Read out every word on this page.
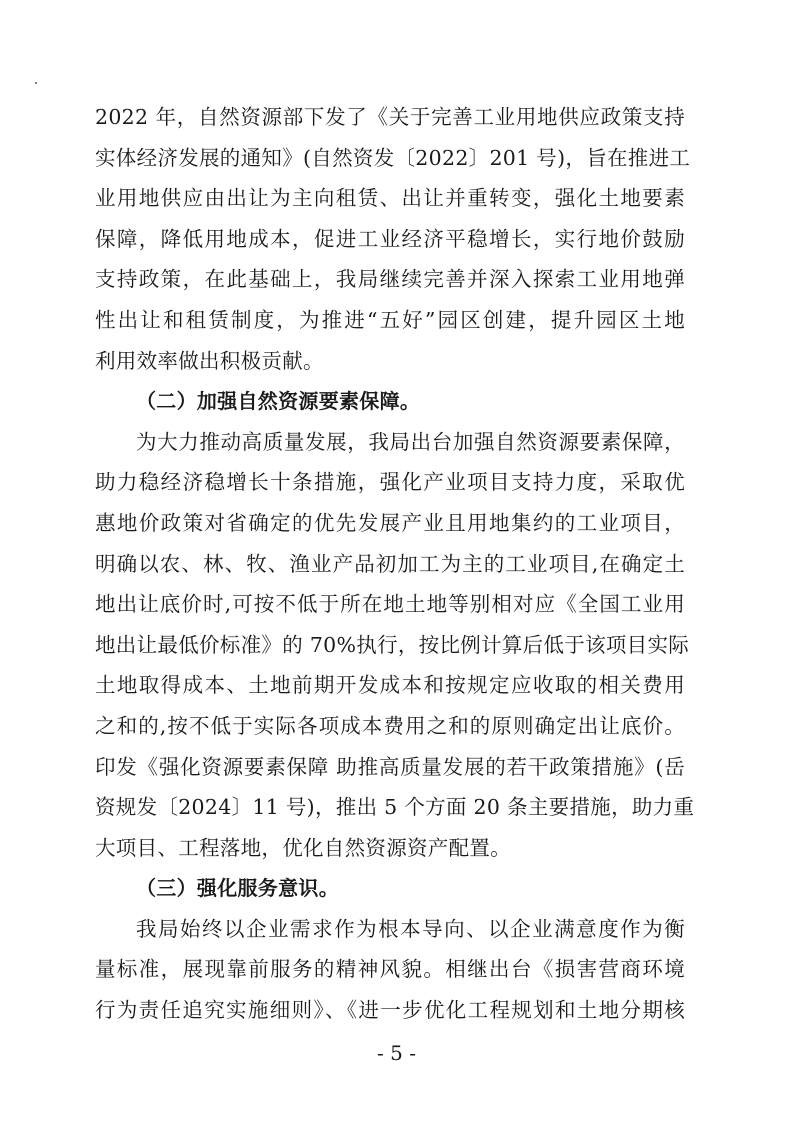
2022 年，自然资源部下发了《关于完善工业用地供应政策支持
实体经济发展的通知》(自然资发〔2022〕201 号)，旨在推进工
业用地供应由出让为主向租赁、出让并重转变，强化土地要素
保障，降低用地成本，促进工业经济平稳增长，实行地价鼓励
支持政策，在此基础上，我局继续完善并深入探索工业用地弹
性出让和租赁制度，为推进“五好”园区创建，提升园区土地
利用效率做出积极贡献。
（二）加强自然资源要素保障。
为大力推动高质量发展，我局出台加强自然资源要素保障，
助力稳经济稳增长十条措施，强化产业项目支持力度，采取优
惠地价政策对省确定的优先发展产业且用地集约的工业项目，
明确以农、林、牧、渔业产品初加工为主的工业项目,在确定土
地出让底价时,可按不低于所在地土地等别相对应《全国工业用
地出让最低价标准》的 70%执行，按比例计算后低于该项目实际
土地取得成本、土地前期开发成本和按规定应收取的相关费用
之和的,按不低于实际各项成本费用之和的原则确定出让底价。
印发《强化资源要素保障 助推高质量发展的若干政策措施》(岳
资规发〔2024〕11 号)，推出 5 个方面 20 条主要措施，助力重
大项目、工程落地，优化自然资源资产配置。
（三）强化服务意识。
我局始终以企业需求作为根本导向、以企业满意度作为衡
量标准，展现靠前服务的精神风貌。相继出台《损害营商环境
行为责任追究实施细则》、《进一步优化工程规划和土地分期核
- 5 -
